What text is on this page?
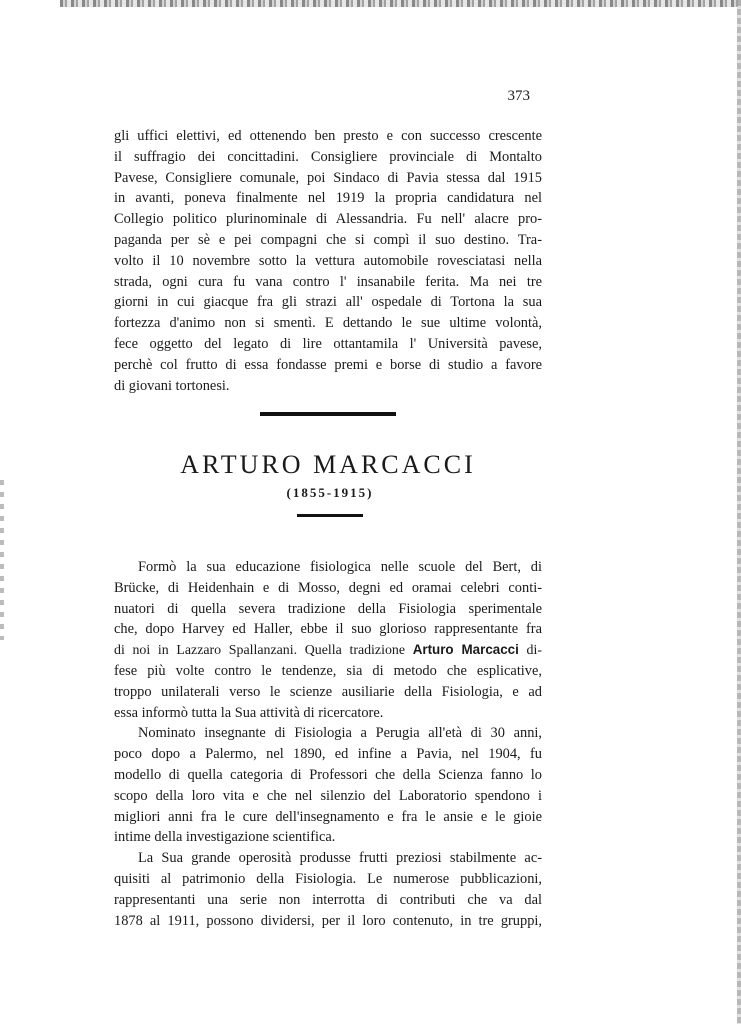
373
gli uffici elettivi, ed ottenendo ben presto e con successo crescente
il suffragio dei concittadini. Consigliere provinciale di Montalto
Pavese, Consigliere comunale, poi Sindaco di Pavia stessa dal 1915
in avanti, poneva finalmente nel 1919 la propria candidatura nel
Collegio politico plurinominale di Alessandria. Fu nell' alacre pro-
paganda per sè e pei compagni che si compì il suo destino. Tra-
volto il 10 novembre sotto la vettura automobile rovesciatasi nella
strada, ogni cura fu vana contro l' insanabile ferita. Ma nei tre
giorni in cui giacque fra gli strazi all' ospedale di Tortona la sua
fortezza d'animo non si smentì. E dettando le sue ultime volontà,
fece oggetto del legato di lire ottantamila l' Università pavese,
perchè col frutto di essa fondasse premi e borse di studio a favore
di giovani tortonesi.
ARTURO MARCACCI
(1855-1915)
Formò la sua educazione fisiologica nelle scuole del Bert, di
Brücke, di Heidenhain e di Mosso, degni ed oramai celebri conti-
nuatori di quella severa tradizione della Fisiologia sperimentale
che, dopo Harvey ed Haller, ebbe il suo glorioso rappresentante fra
di noi in Lazzaro Spallanzani. Quella tradizione Arturo Marcacci di-
fese più volte contro le tendenze, sia di metodo che esplicative,
troppo unilaterali verso le scienze ausiliarie della Fisiologia, e ad
essa informò tutta la Sua attività di ricercatore.
Nominato insegnante di Fisiologia a Perugia all'età di 30 anni,
poco dopo a Palermo, nel 1890, ed infine a Pavia, nel 1904, fu
modello di quella categoria di Professori che della Scienza fanno lo
scopo della loro vita e che nel silenzio del Laboratorio spendono i
migliori anni fra le cure dell'insegnamento e fra le ansie e le gioie
intime della investigazione scientifica.
La Sua grande operosità produsse frutti preziosi stabilmente ac-
quisiti al patrimonio della Fisiologia. Le numerose pubblicazioni,
rappresentanti una serie non interrotta di contributi che va dal
1878 al 1911, possono dividersi, per il loro contenuto, in tre gruppi,
